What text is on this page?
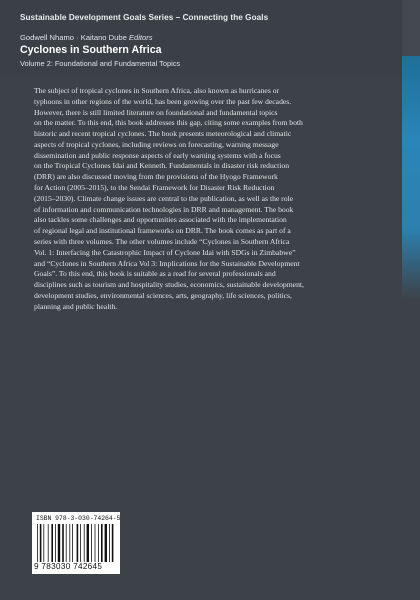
Sustainable Development Goals Series – Connecting the Goals
Godwell Nhamo · Kaitano Dube Editors
Cyclones in Southern Africa
Volume 2: Foundational and Fundamental Topics

The subject of tropical cyclones in Southern Africa, also known as hurricanes or
typhoons in other regions of the world, has been growing over the past few decades.
However, there is still limited literature on foundational and fundamental topics
on the matter. To this end, this book addresses this gap, citing some examples from both
historic and recent tropical cyclones. The book presents meteorological and climatic
aspects of tropical cyclones, including reviews on forecasting, warning message
dissemination and public response aspects of early warning systems with a focus
on the Tropical Cyclones Idai and Kenneth. Fundamentals in disaster risk reduction
(DRR) are also discussed moving from the provisions of the Hyogo Framework
for Action (2005–2015), to the Sendai Framework for Disaster Risk Reduction
(2015–2030). Climate change issues are central to the publication, as well as the role
of information and communication technologies in DRR and management. The book
also tackles some challenges and opportunities associated with the implementation
of regional legal and institutional frameworks on DRR. The book comes as part of a
series with three volumes. The other volumes include “Cyclones in Southern Africa
Vol. 1: Interfacing the Catastrophic Impact of Cyclone Idai with SDGs in Zimbabwe”
and “Cyclones in Southern Africa Vol 3: Implications for the Sustainable Development
Goals”. To this end, this book is suitable as a read for several professionals and
disciplines such as tourism and hospitality studies, economics, sustainable development,
development studies, environmental sciences, arts, geography, life sciences, politics,
planning and public health.

ISBN 978-3-030-74264-5
9 783030 742645
